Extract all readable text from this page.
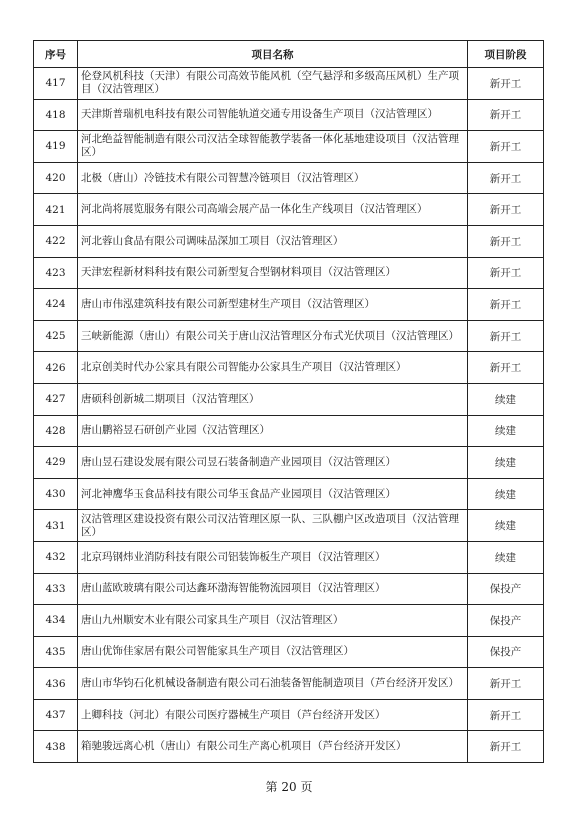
序号	项目名称	项目阶段
417	伦登风机科技（天津）有限公司高效节能风机（空气悬浮和多级高压风机）生产项目（汉沽管理区）	新开工
418	天津斯普瑞机电科技有限公司智能轨道交通专用设备生产项目（汉沽管理区）	新开工
419	河北绝益智能制造有限公司汉沽全球智能教学装备一体化基地建设项目（汉沽管理区）	新开工
420	北极（唐山）冷链技术有限公司智慧冷链项目（汉沽管理区）	新开工
421	河北尚将展览服务有限公司高端会展产品一体化生产线项目（汉沽管理区）	新开工
422	河北蓉山食品有限公司调味品深加工项目（汉沽管理区）	新开工
423	天津宏程新材料科技有限公司新型复合型钢材料项目（汉沽管理区）	新开工
424	唐山市伟泓建筑科技有限公司新型建材生产项目（汉沽管理区）	新开工
425	三峡新能源（唐山）有限公司关于唐山汉沽管理区分布式光伏项目（汉沽管理区）	新开工
426	北京创美时代办公家具有限公司智能办公家具生产项目（汉沽管理区）	新开工
427	唐硕科创新城二期项目（汉沽管理区）	续建
428	唐山鹏裕昱石研创产业园（汉沽管理区）	续建
429	唐山昱石建设发展有限公司昱石装备制造产业园项目（汉沽管理区）	续建
430	河北神鹰华玉食品科技有限公司华玉食品产业园项目（汉沽管理区）	续建
431	汉沽管理区建设投资有限公司汉沽管理区原一队、三队棚户区改造项目（汉沽管理区）	续建
432	北京玛钢炜业消防科技有限公司铝装饰板生产项目（汉沽管理区）	续建
433	唐山蓝欧玻璃有限公司达鑫环渤海智能物流园项目（汉沽管理区）	保投产
434	唐山九州顺安木业有限公司家具生产项目（汉沽管理区）	保投产
435	唐山优饰佳家居有限公司智能家具生产项目（汉沽管理区）	保投产
436	唐山市华钧石化机械设备制造有限公司石油装备智能制造项目（芦台经济开发区）	新开工
437	上卿科技（河北）有限公司医疗器械生产项目（芦台经济开发区）	新开工
438	箱驰骏远离心机（唐山）有限公司生产离心机项目（芦台经济开发区）	新开工
第 20 页
